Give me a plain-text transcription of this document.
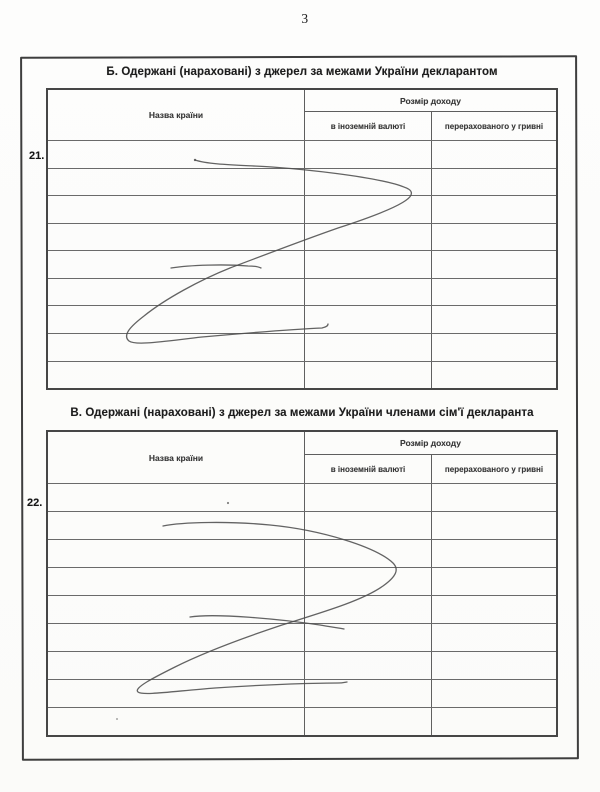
3
Б. Одержані (нараховані) з джерел за межами України декларантом
21.
Назва країни
Розмір доходу
в іноземній валюті	перерахованого у гривні
В. Одержані (нараховані) з джерел за межами України членами сім'ї декларанта
22.
Назва країни
Розмір доходу
в іноземній валюті	перерахованого у гривні
